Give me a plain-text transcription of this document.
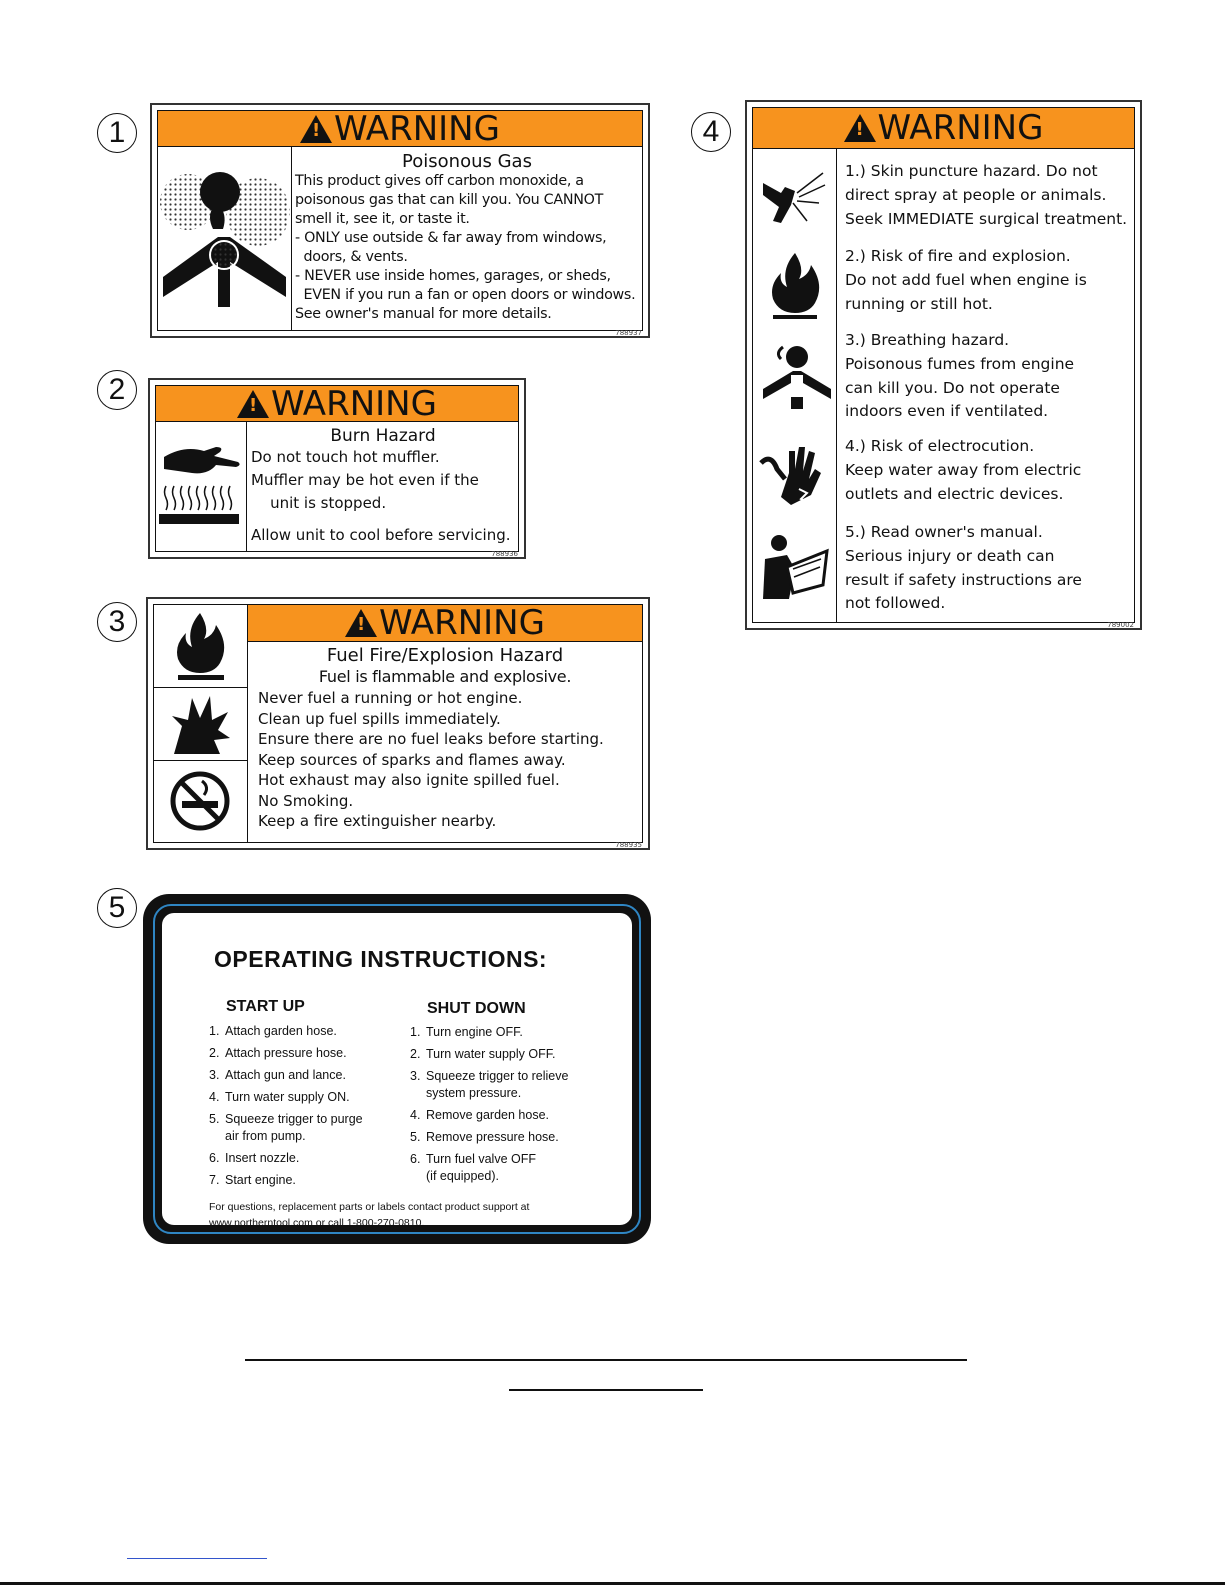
1 !	WARNING
Poisonous Gas
This product gives off carbon monoxide, a
poisonous gas that can kill you. You CANNOT
smell it, see it, or taste it.
- ONLY use outside & far away from windows,
doors, & vents.
- NEVER use inside homes, garages, or sheds,
EVEN if you run a fan or open doors or windows.
See owner's manual for more details.
788937
2 !	WARNING
Burn Hazard
Do not touch hot muffler.
Muffler may be hot even if the
unit is stopped.
Allow unit to cool before servicing.
788936
3 !	WARNING
Fuel Fire/Explosion Hazard
Fuel is flammable and explosive.
Never fuel a running or hot engine.
Clean up fuel spills immediately.
Ensure there are no fuel leaks before starting.
Keep sources of sparks and flames away.
Hot exhaust may also ignite spilled fuel.
No Smoking.
Keep a fire extinguisher nearby.
788935
4 !	WARNING
1.) Skin puncture hazard. Do not
direct spray at people or animals.
Seek IMMEDIATE surgical treatment.
2.) Risk of fire and explosion.
Do not add fuel when engine is
running or still hot.
3.) Breathing hazard.
Poisonous fumes from engine
can kill you. Do not operate
indoors even if ventilated.
4.) Risk of electrocution.
Keep water away from electric
outlets and electric devices.
5.) Read owner's manual.
Serious injury or death can
result if safety instructions are
not followed.
789002
5
OPERATING INSTRUCTIONS:
START UP
1. Attach garden hose.
2. Attach pressure hose.
3. Attach gun and lance.
4. Turn water supply ON.
5. Squeeze trigger to purge
air from pump.
6. Insert nozzle.
7. Start engine.
SHUT DOWN
1. Turn engine OFF.
2. Turn water supply OFF.
3. Squeeze trigger to relieve
system pressure.
4. Remove garden hose.
5. Remove pressure hose.
6. Turn fuel valve OFF
(if equipped).
For questions, replacement parts or labels contact product support at
www.northerntool.com or call 1-800-270-0810.
